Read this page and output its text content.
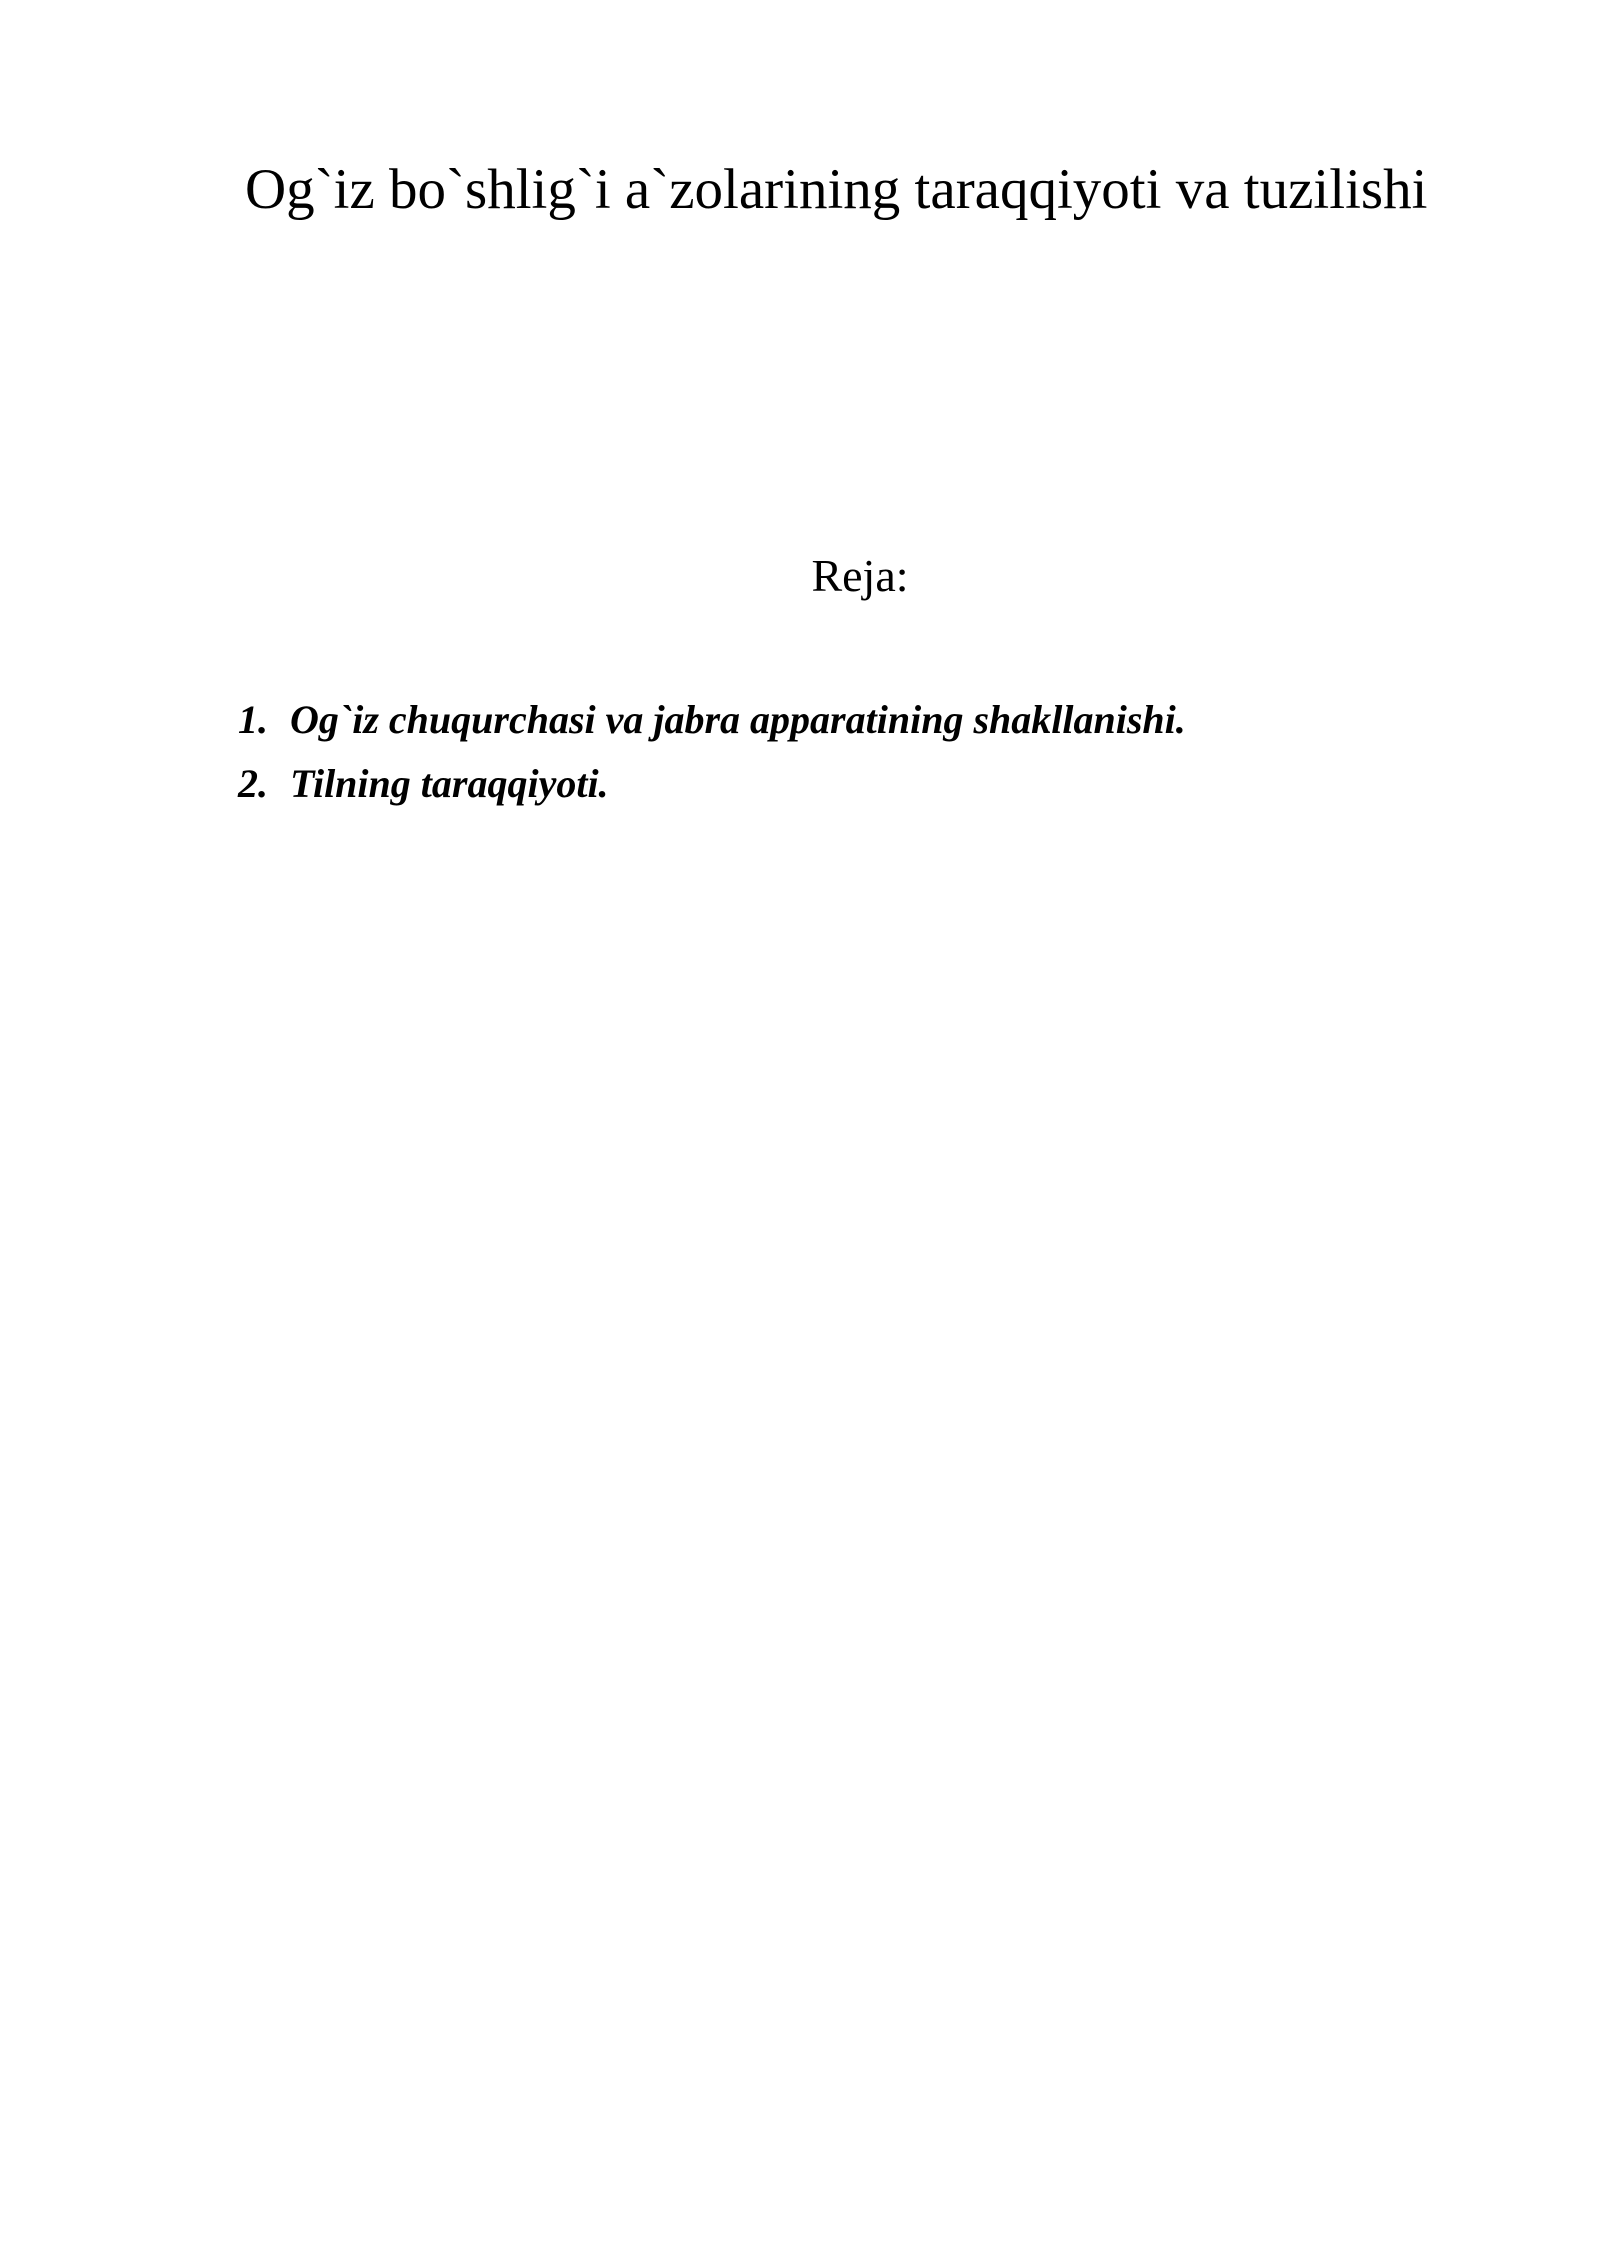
Og`iz bo`shlig`i a`zolarining taraqqiyoti va tuzilishi
Reja:
1. Og`iz chuqurchasi va jabra apparatining shakllanishi.
2. Tilning taraqqiyoti.
